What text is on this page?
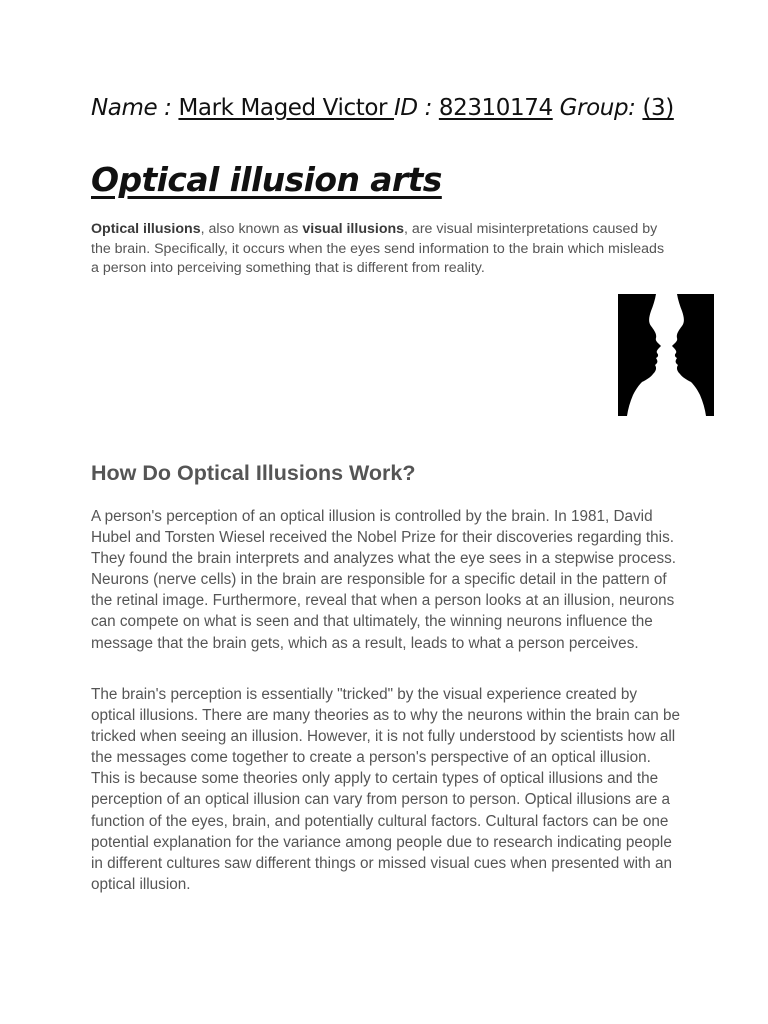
Name : Mark Maged Victor ID : 82310174 Group: (3)
Optical illusion arts
Optical illusions, also known as visual illusions, are visual misinterpretations caused by the brain. Specifically, it occurs when the eyes send information to the brain which misleads a person into perceiving something that is different from reality.
How Do Optical Illusions Work?
A person's perception of an optical illusion is controlled by the brain. In 1981, David Hubel and Torsten Wiesel received the Nobel Prize for their discoveries regarding this. They found the brain interprets and analyzes what the eye sees in a stepwise process. Neurons (nerve cells) in the brain are responsible for a specific detail in the pattern of the retinal image. Furthermore, reveal that when a person looks at an illusion, neurons can compete on what is seen and that ultimately, the winning neurons influence the message that the brain gets, which as a result, leads to what a person perceives.
The brain's perception is essentially "tricked" by the visual experience created by optical illusions. There are many theories as to why the neurons within the brain can be tricked when seeing an illusion. However, it is not fully understood by scientists how all the messages come together to create a person's perspective of an optical illusion. This is because some theories only apply to certain types of optical illusions and the perception of an optical illusion can vary from person to person. Optical illusions are a function of the eyes, brain, and potentially cultural factors. Cultural factors can be one potential explanation for the variance among people due to research indicating people in different cultures saw different things or missed visual cues when presented with an optical illusion.
